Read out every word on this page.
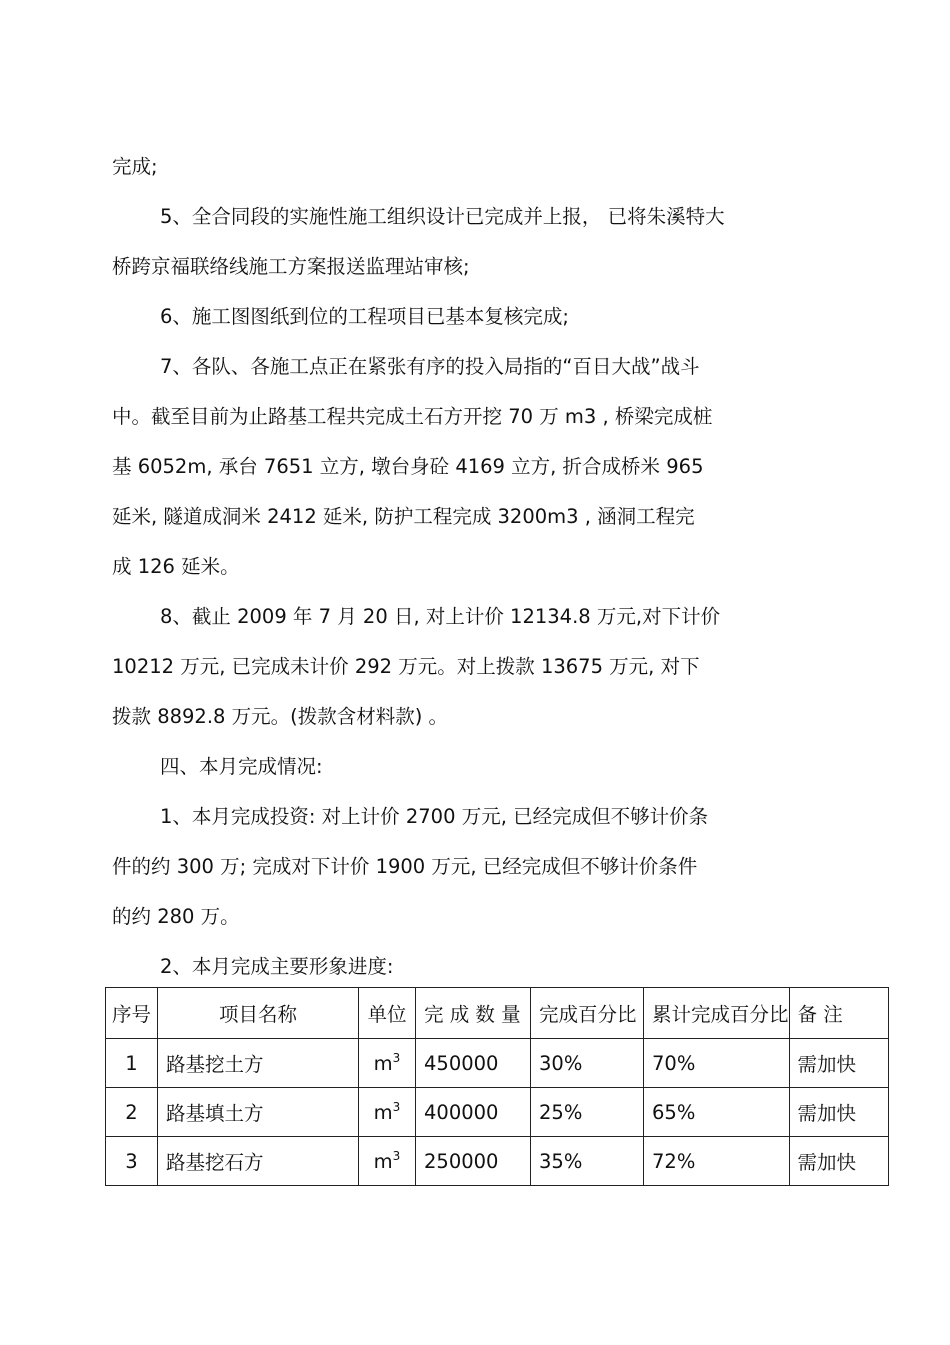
完成;

5、全合同段的实施性施工组织设计已完成并上报， 已将朱溪特大

桥跨京福联络线施工方案报送监理站审核;

6、施工图图纸到位的工程项目已基本复核完成;

7、各队、各施工点正在紧张有序的投入局指的“百日大战”战斗

中。截至目前为止路基工程共完成土石方开挖 70 万 m3 , 桥梁完成桩

基 6052m, 承台 7651 立方, 墩台身砼 4169 立方, 折合成桥米 965

延米, 隧道成洞米 2412 延米, 防护工程完成 3200m3 , 涵洞工程完

成 126 延米。

8、截止 2009 年 7 月 20 日, 对上计价 12134.8 万元,对下计价

10212 万元, 已完成未计价 292 万元。对上拨款 13675 万元, 对下

拨款 8892.8 万元。(拨款含材料款) 。

四、本月完成情况:

1、本月完成投资: 对上计价 2700 万元, 已经完成但不够计价条

件的约 300 万; 完成对下计价 1900 万元, 已经完成但不够计价条件

的约 280 万。

2、本月完成主要形象进度:

序号	项目名称	单位	完 成 数 量	完成百分比	累计完成百分比	备 注
1	路基挖土方	$m^3$	450000	30%	70%	需加快
2	路基填土方	$m^3$	400000	25%	65%	需加快
3	路基挖石方	$m^3$	250000	35%	72%	需加快
